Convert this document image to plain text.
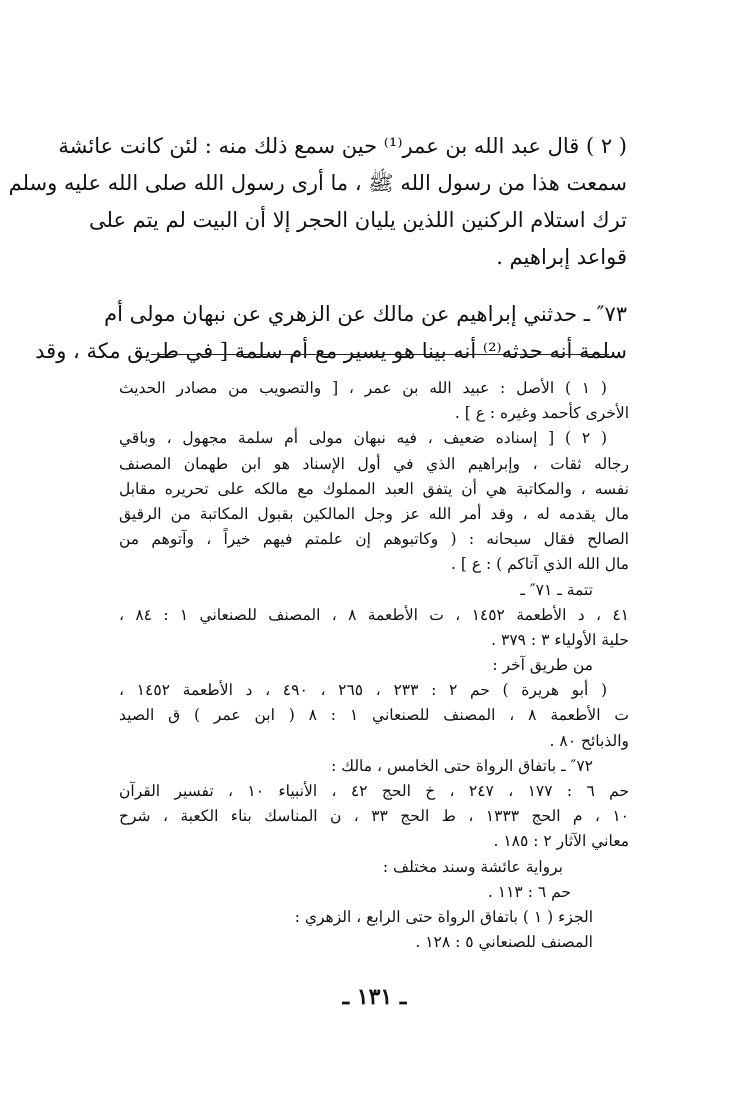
( ٢ ) قال عبد الله بن عمر⁽¹⁾ حين سمع ذلك منه : لئن كانت عائشة
سمعت هذا من رسول الله ﷺ ، ما أرى رسول الله صلى الله عليه وسلم
ترك استلام الركنين اللذين يليان الحجر إلا أن البيت لم يتم على
قواعد إبراهيم .
٧٣″ ـ حدثني إبراهيم عن مالك عن الزهري عن نبهان مولى أم
سلمة أنه حدثه⁽²⁾ أنه بينا هو يسير مع أم سلمة [ في طريق مكة ، وقد
( ١ ) الأصل : عبيد الله بن عمر ، [ والتصويب من مصادر الحديث
الأخرى كأحمد وغيره : ع ] .
( ٢ ) [ إسناده ضعيف ، فيه نبهان مولى أم سلمة مجهول ، وباقي
رجاله ثقات ، وإبراهيم الذي في أول الإسناد هو ابن طهمان المصنف
نفسه ، والمكاتبة هي أن يتفق العبد المملوك مع مالكه على تحريره مقابل
مال يقدمه له ، وقد أمر الله عز وجل المالكين بقبول المكاتبة من الرقيق
الصالح فقال سبحانه : ( وكاتبوهم إن علمتم فيهم خيراً ، وآتوهم من
مال الله الذي آتاكم ) : ع ] .
تتمة ـ ٧١″ ـ
٤١ ، د الأطعمة ١٤٥٢ ، ت الأطعمة ٨ ، المصنف للصنعاني ١ : ٨٤ ،
حلية الأولياء ٣ : ٣٧٩ .
من طريق آخر :
( أبو هريرة ) حم ٢ : ٢٣٣ ، ٢٦٥ ، ٤٩٠ ، د الأطعمة ١٤٥٢ ،
ت الأطعمة ٨ ، المصنف للصنعاني ١ : ٨ ( ابن عمر ) ق الصيد
والذبائح ٨٠ .
٧٢″ ـ باتفاق الرواة حتى الخامس ، مالك :
حم ٦ : ١٧٧ ، ٢٤٧ ، خ الحج ٤٢ ، الأنبياء ١٠ ، تفسير القرآن
١٠ ، م الحج ١٣٣٣ ، ط الحج ٣٣ ، ن المناسك بناء الكعبة ، شرح
معاني الآثار ٢ : ١٨٥ .
برواية عائشة وسند مختلف :
حم ٦ : ١١٣ .
الجزء ( ١ ) باتفاق الرواة حتى الرابع ، الزهري :
المصنف للصنعاني ٥ : ١٢٨ .
ـ ١٣١ ـ
